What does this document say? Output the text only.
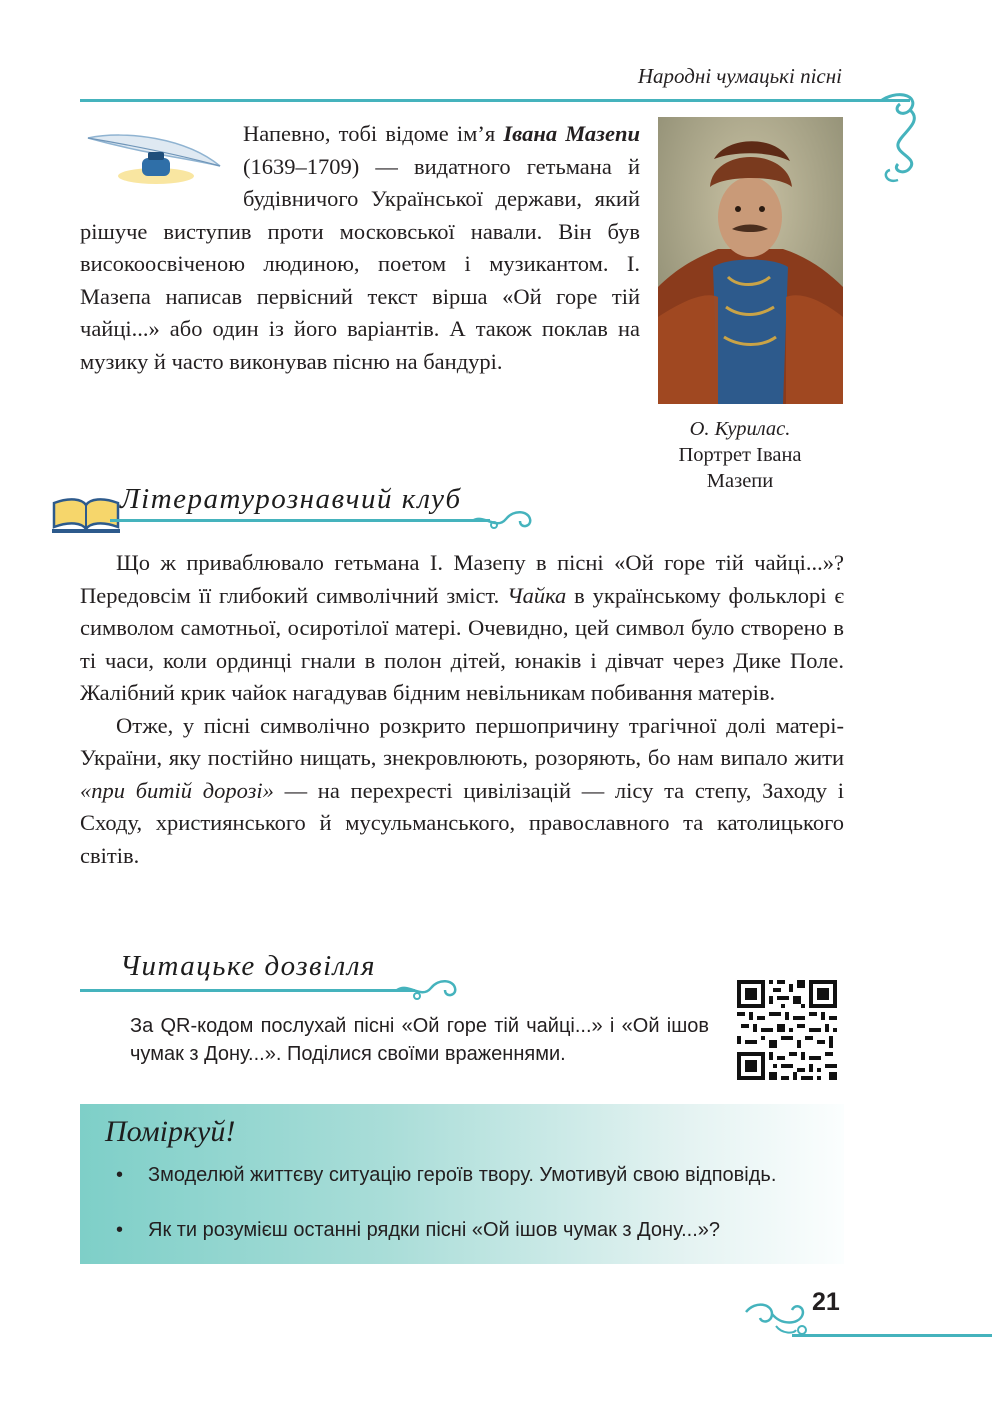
Народні чумацькі пісні

Напевно, тобі відоме ім’я Івана Мазепи (1639–1709) — видатного гетьмана й будівничого Української держави, який рішуче виступив проти московської навали. Він був високоосвіченою людиною, поетом і музикантом. І. Мазепа написав первісний текст вірша «Ой горе тій чайці...» або один із його варіантів. А також поклав на музику й часто виконував пісню на бандурі.

О. Курилас.
Портрет Івана
Мазепи
Літературознавчий клуб

Що ж приваблювало гетьмана І. Мазепу в пісні «Ой горе тій чайці...»? Передовсім її глибокий символічний зміст. Чайка в українському фольклорі є символом самотньої, осиротілої матері. Очевидно, цей символ було створено в ті часи, коли ординці гнали в полон дітей, юнаків і дівчат через Дике Поле. Жалібний крик чайок нагадував бідним невільникам побивання матерів.

Отже, у пісні символічно розкрито першопричину трагічної долі матері-України, яку постійно нищать, знекровлюють, розоряють, бо нам випало жити «при битій дорозі» — на перехресті цивілізацій — лісу та степу, Заходу і Сходу, християнського й мусульманського, православного та католицького світів.

Читацьке дозвілля

За QR-кодом послухай пісні «Ой горе тій чайці...» і «Ой ішов чумак з Дону...». Поділися своїми враженнями.

Поміркуй!
• Змоделюй життєву ситуацію героїв твору. Умотивуй свою відповідь.
• Як ти розумієш останні рядки пісні «Ой ішов чумак з Дону...»?
21
